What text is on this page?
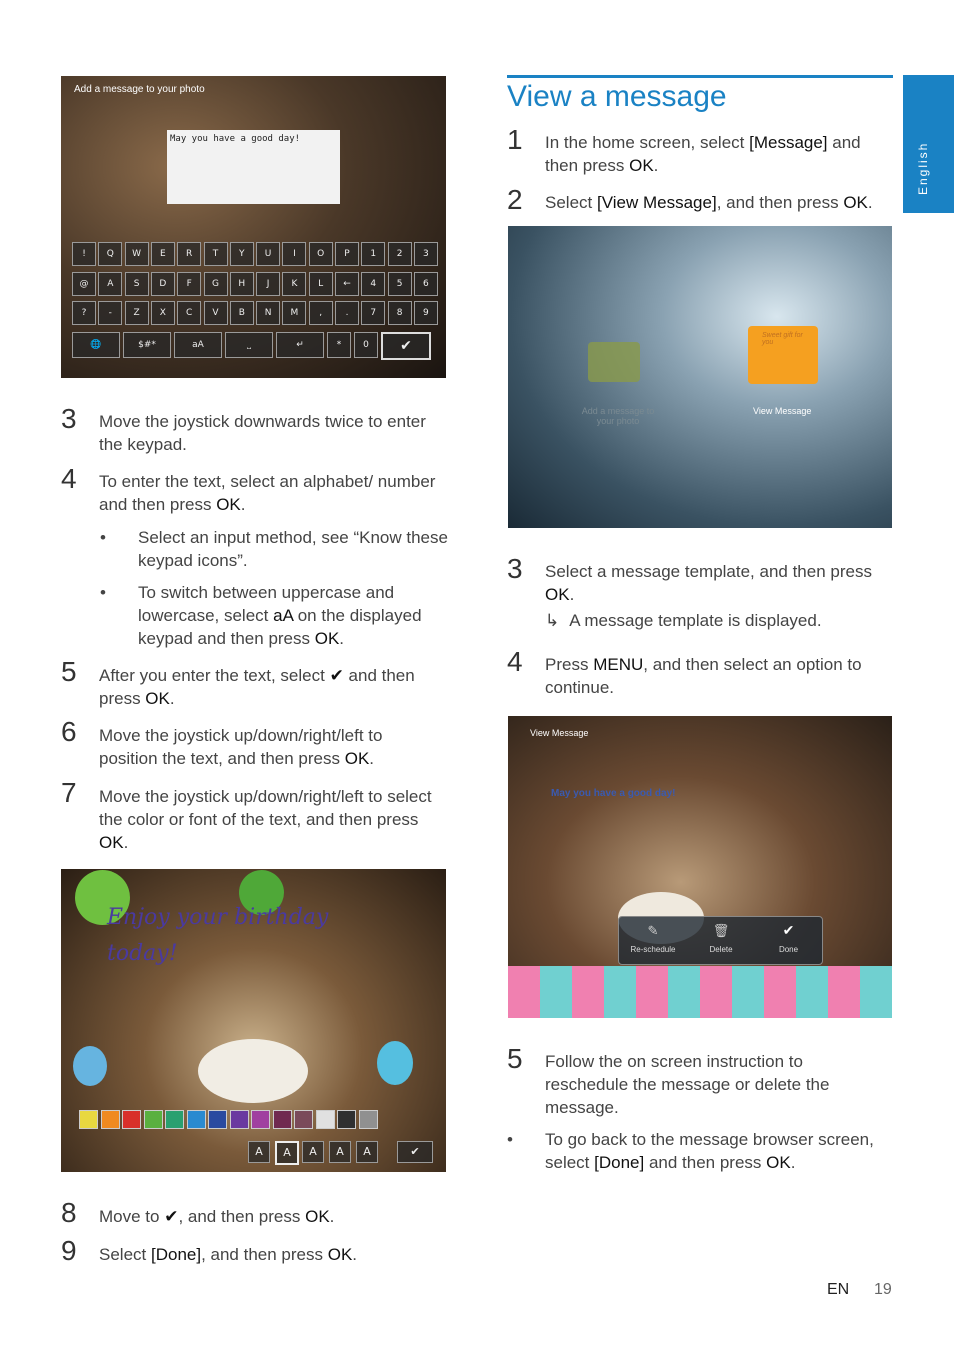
English
Add a message to your photo
May you have a good day!
!	Q	W	E	R	T	Y	U	I	O	P	1	2	3
@	A	S	D	F	G	H	J	K	L	←	4	5	6
?	-	Z	X	C	V	B	N	M	,	.	7	8	9
🌐	$#*	aA	⎵	↵	*	0	✔
3 Move the joystick downwards twice to enter the keypad.
4 To enter the text, select an alphabet/ number and then press OK.
• Select an input method, see “Know these keypad icons”.
• To switch between uppercase and lowercase, select aA on the displayed keypad and then press OK.
5 After you enter the text, select ✔ and then press OK.
6 Move the joystick up/down/right/left to position the text, and then press OK.
7 Move the joystick up/down/right/left to select the color or font of the text, and then press OK.
Enjoy your birthday
today!
A	A	A	A	A	✔
8 Move to ✔, and then press OK.
9 Select [Done], and then press OK.
View a message
1 In the home screen, select [Message] and then press OK.
2 Select [View Message], and then press OK.
Add a message to your photo
Sweet gift for you
View Message
3 Select a message template, and then press OK.
↳ A message template is displayed.
4 Press MENU, and then select an option to continue.
View Message
May you have a good day!
✎
Re-schedule
🗑
Delete
✔
Done
5 Follow the on screen instruction to reschedule the message or delete the message.
• To go back to the message browser screen, select [Done] and then press OK.
EN 19
